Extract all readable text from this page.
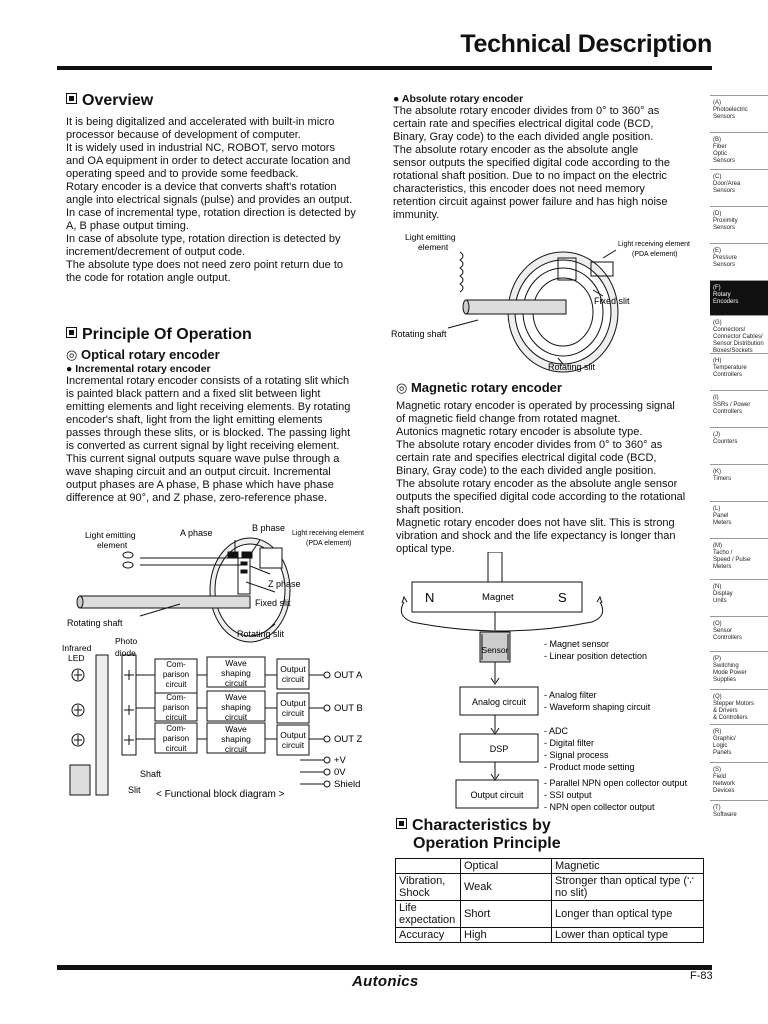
Technical Description
Overview

It is being digitalized and accelerated with built-in micro

processor because of development of computer.

It is widely used in industrial NC, ROBOT, servo motors

and OA equipment in order to detect accurate location and

operating speed and to provide some feedback.

Rotary encoder is a device that converts shaft's rotation

angle into electrical signals (pulse) and provides an output.

In case of incremental type, rotation direction is detected by

A, B phase output timing.

In case of absolute type, rotation direction is detected by

increment/decrement of output code.

The absolute type does not need zero point return due to

the code for rotation angle output.

Principle Of Operation
◎ Optical rotary encoder
● Incremental rotary encoder

Incremental rotary encoder consists of a rotating slit which

is painted black pattern and a fixed slit between light

emitting elements and light receiving elements. By rotating

encoder's shaft, light from the light emitting elements

passes through these slits, or is blocked. The passing light

is converted as current signal by light receiving element.

This current signal outputs square wave pulse through a

wave shaping circuit and an output circuit. Incremental

output phases are A phase, B phase which have phase

difference at 90°, and Z phase, zero-reference phase.

Light emitting element
A phase	B phase
Light receiving element (PDA element)
Z phase
Fixed slit
Rotating shaft
Rotating slit
Infrared LED
Photo diode
Com-parison circuit
Com-parison circuit
Com-parison circuit
Wave shaping circuit
Wave shaping circuit
Wave shaping circuit
Output circuit
Output circuit
Output circuit
OUT A
OUT B
OUT Z
+V
0V
Shield
Shaft
Slit < Functional block diagram >
● Absolute rotary encoder

The absolute rotary encoder divides from 0° to 360° as

certain rate and specifies electrical digital code (BCD,

Binary, Gray code) to the each divided angle position.

The absolute rotary encoder as the absolute angle

sensor outputs the specified digital code according to the

rotational shaft position. Due to no impact on the electric

characteristics, this encoder does not need memory

retention circuit against power failure and has high noise

immunity.

Light emitting element	Light receiving element (PDA element)
Fixed slit
Rotating shaft
Rotating slit
◎ Magnetic rotary encoder

Magnetic rotary encoder is operated by processing signal

of magnetic field change from rotated magnet.

Autonics magnetic rotary encoder is absolute type.

The absolute rotary encoder divides from 0° to 360° as

certain rate and specifies electrical digital code (BCD,

Binary, Gray code) to the each divided angle position.

The absolute rotary encoder as the absolute angle sensor

outputs the specified digital code according to the rotational

shaft position.

Magnetic rotary encoder does not have slit. This is strong

vibration and shock and the life expectancy is longer than

optical type.

N	Magnet	S
Sensor
Analog circuit
DSP
Output circuit
- Magnet sensor - Linear position detection
- Analog filter - Waveform shaping circuit
- ADC - Digital filter - Signal process - Product mode setting
- Parallel NPN open collector output - SSI output - NPN open collector output
Characteristics by
Operation Principle
	Optical	Magnetic
Vibration, Shock	Weak	Stronger than optical type (∵ no slit)
Life expectation	Short	Longer than optical type
Accuracy	High	Lower than optical type
(A)
Photoelectric
Sensors
(B)
Fiber
Optic
Sensors
(C)
Door/Area
Sensors
(D)
Proximity
Sensors
(E)
Pressure
Sensors
(F)
Rotary
Encoders
(G)
Connectors/
Connector Cables/
Sensor Distribution
Boxes/Sockets
(H)
Temperature
Controllers
(I)
SSRs / Power
Controllers
(J)
Counters
(K)
Timers
(L)
Panel
Meters
(M)
Tacho /
Speed / Pulse
Meters
(N)
Display
Units
(O)
Sensor
Controllers
(P)
Switching
Mode Power
Supplies
(Q)
Stepper Motors
& Drivers
& Controllers
(R)
Graphic/
Logic
Panels
(S)
Field
Network
Devices
(T)
Software
Autonics	F-83
